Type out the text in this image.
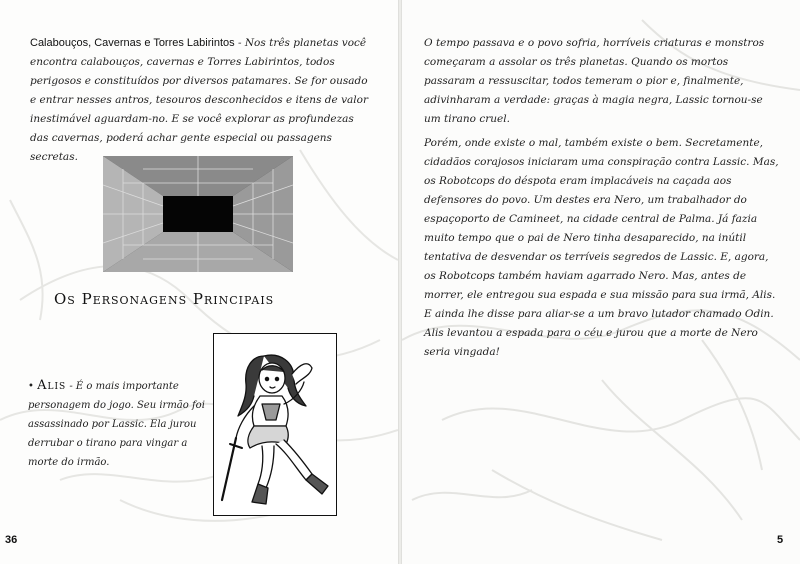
Calabouços, Cavernas e Torres Labirintos - Nos três planetas você encontra calabouços, cavernas e Torres Labirintos, todos perigosos e constituídos por diversos patamares. Se for ousado e entrar nesses antros, tesouros desconhecidos e itens de valor inestimável aguardam-no. E se você explorar as profundezas das cavernas, poderá achar gente especial ou passagens secretas.
Os Personagens Principais
• Alis - É o mais importante personagem do jogo. Seu irmão foi assassinado por Lassic. Ela jurou derrubar o tirano para vingar a morte do irmão.
36
O tempo passava e o povo sofria, horríveis criaturas e monstros começaram a assolar os três planetas. Quando os mortos passaram a ressuscitar, todos temeram o pior e, finalmente, adivinharam a verdade: graças à magia negra, Lassic tornou-se um tirano cruel.
Porém, onde existe o mal, também existe o bem. Secretamente, cidadãos corajosos iniciaram uma conspiração contra Lassic. Mas, os Robotcops do déspota eram implacáveis na caçada aos defensores do povo. Um destes era Nero, um trabalhador do espaçoporto de Camineet, na cidade central de Palma. Já fazia muito tempo que o pai de Nero tinha desaparecido, na inútil tentativa de desvendar os terríveis segredos de Lassic. E, agora, os Robotcops também haviam agarrado Nero. Mas, antes de morrer, ele entregou sua espada e sua missão para sua irmã, Alis. E ainda lhe disse para aliar-se a um bravo lutador chamado Odin. Alis levantou a espada para o céu e jurou que a morte de Nero seria vingada!
5
